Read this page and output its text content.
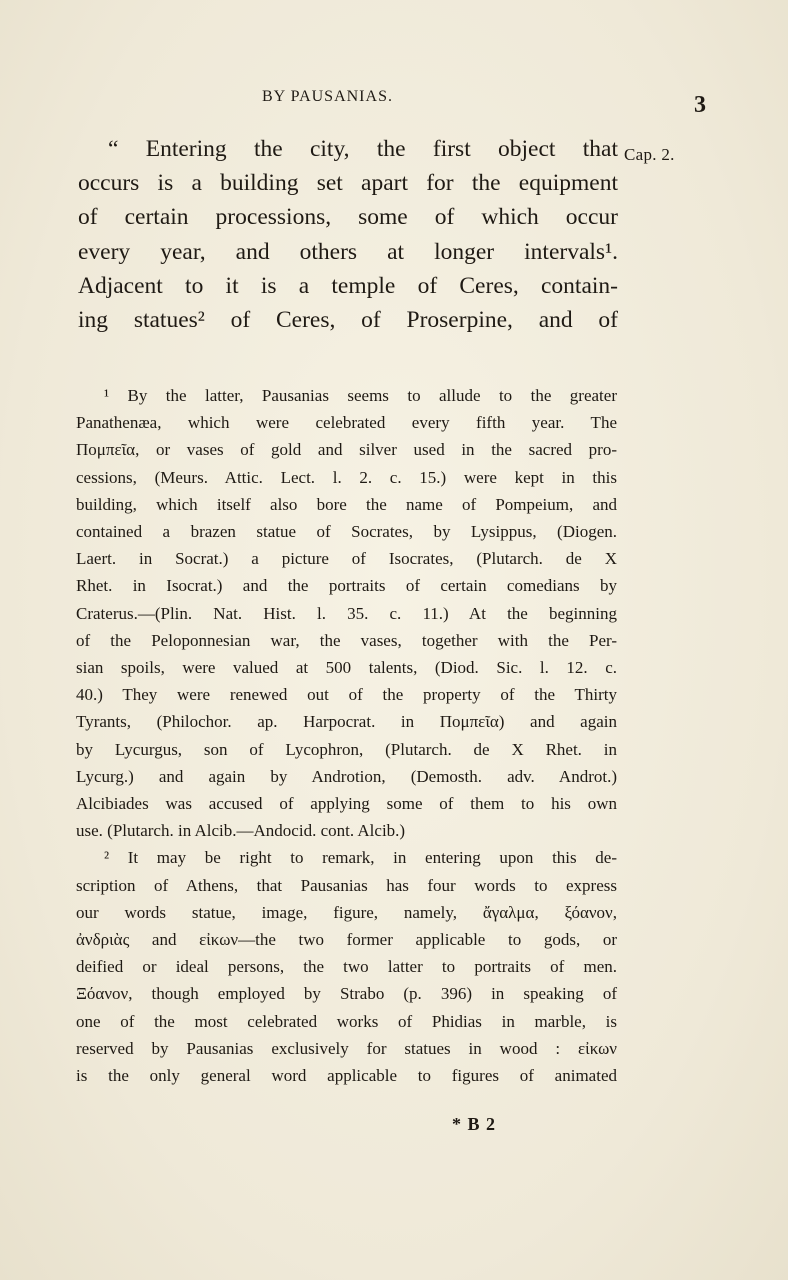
BY PAUSANIAS.	3
Cap. 2.
“ Entering the city, the first object that
occurs is a building set apart for the equipment
of certain processions, some of which occur
every year, and others at longer intervals¹.
Adjacent to it is a temple of Ceres, contain-
ing statues² of Ceres, of Proserpine, and of
¹ By the latter, Pausanias seems to allude to the greater
Panathenæa, which were celebrated every fifth year. The
Πομπεῖα, or vases of gold and silver used in the sacred pro-
cessions, (Meurs. Attic. Lect. l. 2. c. 15.) were kept in this
building, which itself also bore the name of Pompeium, and
contained a brazen statue of Socrates, by Lysippus, (Diogen.
Laert. in Socrat.) a picture of Isocrates, (Plutarch. de X
Rhet. in Isocrat.) and the portraits of certain comedians by
Craterus.—(Plin. Nat. Hist. l. 35. c. 11.) At the beginning
of the Peloponnesian war, the vases, together with the Per-
sian spoils, were valued at 500 talents, (Diod. Sic. l. 12. c.
40.) They were renewed out of the property of the Thirty
Tyrants, (Philochor. ap. Harpocrat. in Πομπεῖα) and again
by Lycurgus, son of Lycophron, (Plutarch. de X Rhet. in
Lycurg.) and again by Androtion, (Demosth. adv. Androt.)
Alcibiades was accused of applying some of them to his own
use. (Plutarch. in Alcib.—Andocid. cont. Alcib.)
² It may be right to remark, in entering upon this de-
scription of Athens, that Pausanias has four words to express
our words statue, image, figure, namely, ἄγαλμα, ξόανον,
ἀνδριὰς and εἰκων—the two former applicable to gods, or
deified or ideal persons, the two latter to portraits of men.
Ξόανον, though employed by Strabo (p. 396) in speaking of
one of the most celebrated works of Phidias in marble, is
reserved by Pausanias exclusively for statues in wood : εἰκων
is the only general word applicable to figures of animated
* B 2
